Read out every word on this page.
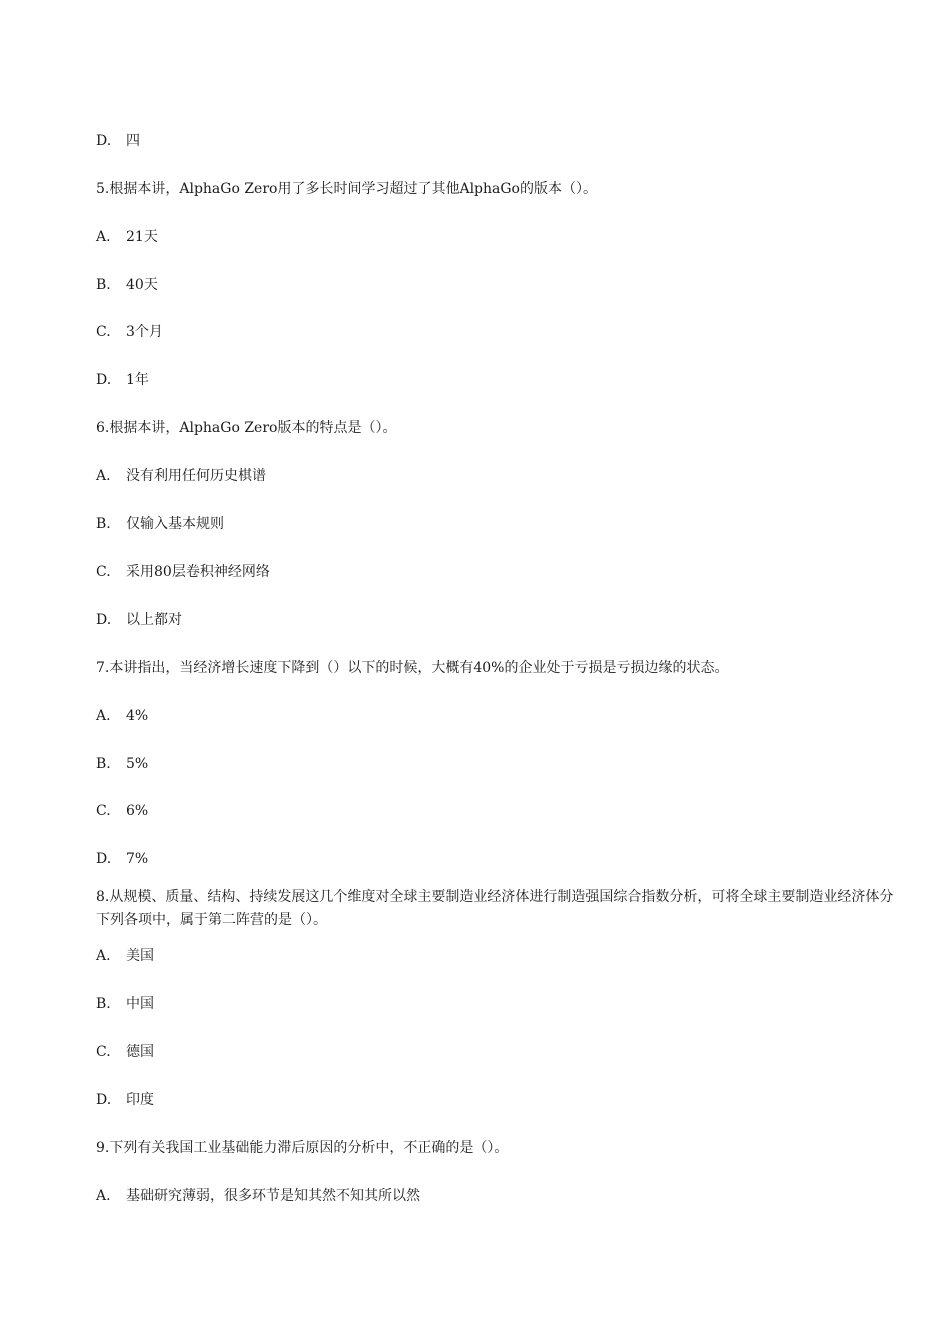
D. 四
5.根据本讲，AlphaGo Zero用了多长时间学习超过了其他AlphaGo的版本（）。
A. 21天
B. 40天
C. 3个月
D. 1年
6.根据本讲，AlphaGo Zero版本的特点是（）。
A. 没有利用任何历史棋谱
B. 仅输入基本规则
C. 采用80层卷积神经网络
D. 以上都对
7.本讲指出，当经济增长速度下降到（）以下的时候，大概有40%的企业处于亏损是亏损边缘的状态。
A. 4%
B. 5%
C. 6%
D. 7%
8.从规模、质量、结构、持续发展这几个维度对全球主要制造业经济体进行制造强国综合指数分析，可将全球主要制造业经济体分
下列各项中，属于第二阵营的是（）。
A. 美国
B. 中国
C. 德国
D. 印度
9.下列有关我国工业基础能力滞后原因的分析中，不正确的是（）。
A. 基础研究薄弱，很多环节是知其然不知其所以然
